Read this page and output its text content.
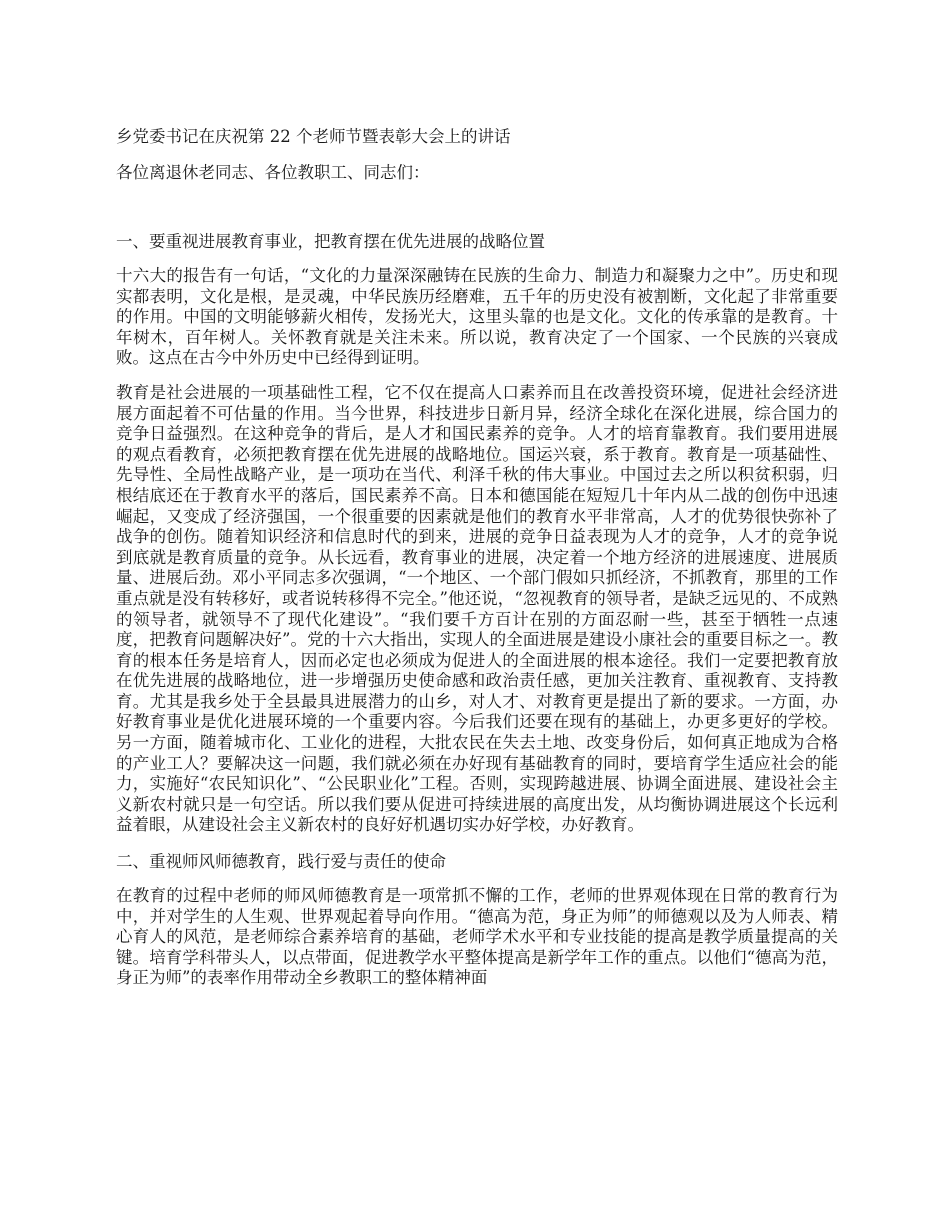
乡党委书记在庆祝第 22 个老师节暨表彰大会上的讲话

各位离退休老同志、各位教职工、同志们：

一、要重视进展教育事业，把教育摆在优先进展的战略位置

十六大的报告有一句话，“文化的力量深深融铸在民族的生命力、制造力和凝聚力之中”。历史和现实都表明，文化是根，是灵魂，中华民族历经磨难，五千年的历史没有被割断，文化起了非常重要的作用。中国的文明能够薪火相传，发扬光大，这里头靠的也是文化。文化的传承靠的是教育。十年树木，百年树人。关怀教育就是关注未来。所以说，教育决定了一个国家、一个民族的兴衰成败。这点在古今中外历史中已经得到证明。

教育是社会进展的一项基础性工程，它不仅在提高人口素养而且在改善投资环境，促进社会经济进展方面起着不可估量的作用。当今世界，科技进步日新月异，经济全球化在深化进展，综合国力的竞争日益强烈。在这种竞争的背后，是人才和国民素养的竞争。人才的培育靠教育。我们要用进展的观点看教育，必须把教育摆在优先进展的战略地位。国运兴衰，系于教育。教育是一项基础性、先导性、全局性战略产业，是一项功在当代、利泽千秋的伟大事业。中国过去之所以积贫积弱，归根结底还在于教育水平的落后，国民素养不高。日本和德国能在短短几十年内从二战的创伤中迅速崛起，又变成了经济强国，一个很重要的因素就是他们的教育水平非常高，人才的优势很快弥补了战争的创伤。随着知识经济和信息时代的到来，进展的竞争日益表现为人才的竞争，人才的竞争说到底就是教育质量的竞争。从长远看，教育事业的进展，决定着一个地方经济的进展速度、进展质量、进展后劲。邓小平同志多次强调，“一个地区、一个部门假如只抓经济，不抓教育，那里的工作重点就是没有转移好，或者说转移得不完全。”他还说，“忽视教育的领导者，是缺乏远见的、不成熟的领导者，就领导不了现代化建设”。“我们要千方百计在别的方面忍耐一些，甚至于牺牲一点速度，把教育问题解决好”。党的十六大指出，实现人的全面进展是建设小康社会的重要目标之一。教育的根本任务是培育人，因而必定也必须成为促进人的全面进展的根本途径。我们一定要把教育放在优先进展的战略地位，进一步增强历史使命感和政治责任感，更加关注教育、重视教育、支持教育。尤其是我乡处于全县最具进展潜力的山乡，对人才、对教育更是提出了新的要求。一方面，办好教育事业是优化进展环境的一个重要内容。今后我们还要在现有的基础上，办更多更好的学校。另一方面，随着城市化、工业化的进程，大批农民在失去土地、改变身份后，如何真正地成为合格的产业工人？要解决这一问题，我们就必须在办好现有基础教育的同时，要培育学生适应社会的能力，实施好“农民知识化”、“公民职业化”工程。否则，实现跨越进展、协调全面进展、建设社会主义新农村就只是一句空话。所以我们要从促进可持续进展的高度出发，从均衡协调进展这个长远利益着眼，从建设社会主义新农村的良好好机遇切实办好学校，办好教育。

二、重视师风师德教育，践行爱与责任的使命

在教育的过程中老师的师风师德教育是一项常抓不懈的工作，老师的世界观体现在日常的教育行为中，并对学生的人生观、世界观起着导向作用。“德高为范，身正为师”的师德观以及为人师表、精心育人的风范，是老师综合素养培育的基础，老师学术水平和专业技能的提高是教学质量提高的关键。培育学科带头人，以点带面，促进教学水平整体提高是新学年工作的重点。以他们“德高为范，身正为师”的表率作用带动全乡教职工的整体精神面
